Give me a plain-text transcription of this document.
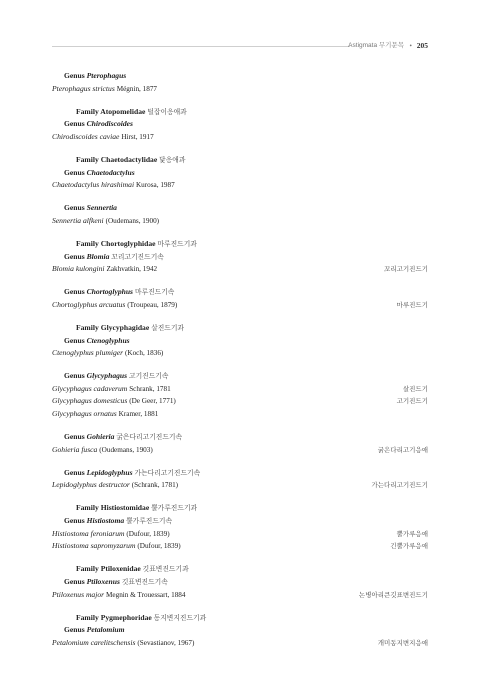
Astigmata 무기문목 • 205
Genus Pterophagus
Pterophagus strictus Mégnin, 1877
Family Atopomelidae 털잡이응애과
Genus Chirodiscoides
Chirodiscoides caviae Hirst, 1917
Family Chaetodactylidae 닻응애과
Genus Chaetodactylus
Chaetodactylus hirashimai Kurosa, 1987
Genus Sennertia
Sennertia alfkeni (Oudemans, 1900)
Family Chortoglyphidae 마루진드기과
Genus Blomia 꼬리고기진드기속
Blomia kulongini Zakhvatkin, 1942	꼬리고기진드기
Genus Chortoglyphus 마루진드기속
Chortoglyphus arcuatus (Troupeau, 1879)	마루진드기
Family Glycyphagidae 살진드기과
Genus Ctenoglyphus
Ctenoglyphus plumiger (Koch, 1836)
Genus Glycyphagus 고기진드기속
Glycyphagus cadaverum Schrank, 1781	살진드기
Glycyphagus domesticus (De Geer, 1771)	고기진드기
Glycyphagus ornatus Kramer, 1881
Genus Gohieria 굵은다리고기진드기속
Gohieria fusca (Oudemans, 1903)	굵은다리고기응애
Genus Lepidoglyphus 가는다리고기진드기속
Lepidoglyphus destructor (Schrank, 1781)	가는다리고기진드기
Family Histiostomidae 뿔가루진드기과
Genus Histiostoma 뿔가루진드기속
Histiostoma feroniarum (Dufour, 1839)	뿔가루응애
Histiostoma sapromyzarum (Dufour, 1839)	긴뿔가루응애
Family Ptiloxenidae 깃표변진드기과
Genus Ptiloxenus 깃표변진드기속
Ptiloxenus major Megnin & Trouessart, 1884	논병아리큰깃표변진드기
Family Pygmephoridae 동지변지진드기과
Genus Petalomium
Petalomium carelitschensis (Sevastianov, 1967)	개미동지변지응애
